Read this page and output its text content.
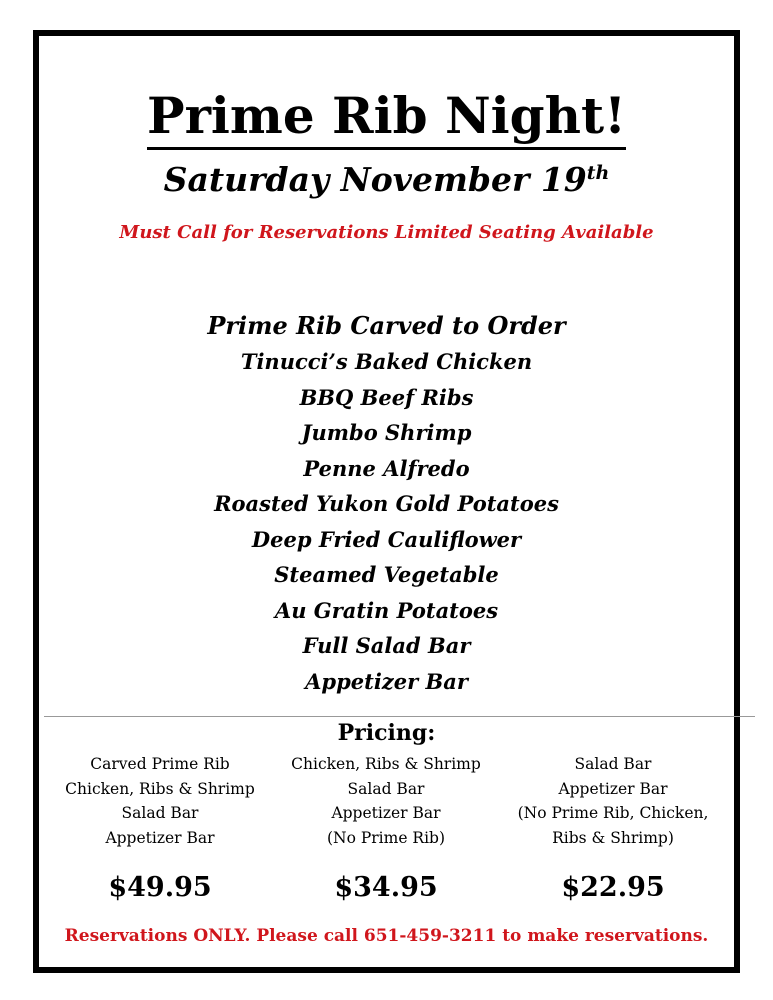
Prime Rib Night!
Saturday November 19th
Must Call for Reservations Limited Seating Available
Prime Rib Carved to Order
Tinucci’s Baked Chicken
BBQ Beef Ribs
Jumbo Shrimp
Penne Alfredo
Roasted Yukon Gold Potatoes
Deep Fried Cauliflower
Steamed Vegetable
Au Gratin Potatoes
Full Salad Bar
Appetizer Bar
Pricing:
Carved Prime Rib
Chicken, Ribs & Shrimp
Salad Bar
Appetizer Bar
Chicken, Ribs & Shrimp
Salad Bar
Appetizer Bar
(No Prime Rib)
Salad Bar
Appetizer Bar
(No Prime Rib, Chicken,
Ribs & Shrimp)
$49.95	$34.95	$22.95
Reservations ONLY. Please call 651-459-3211 to make reservations.
